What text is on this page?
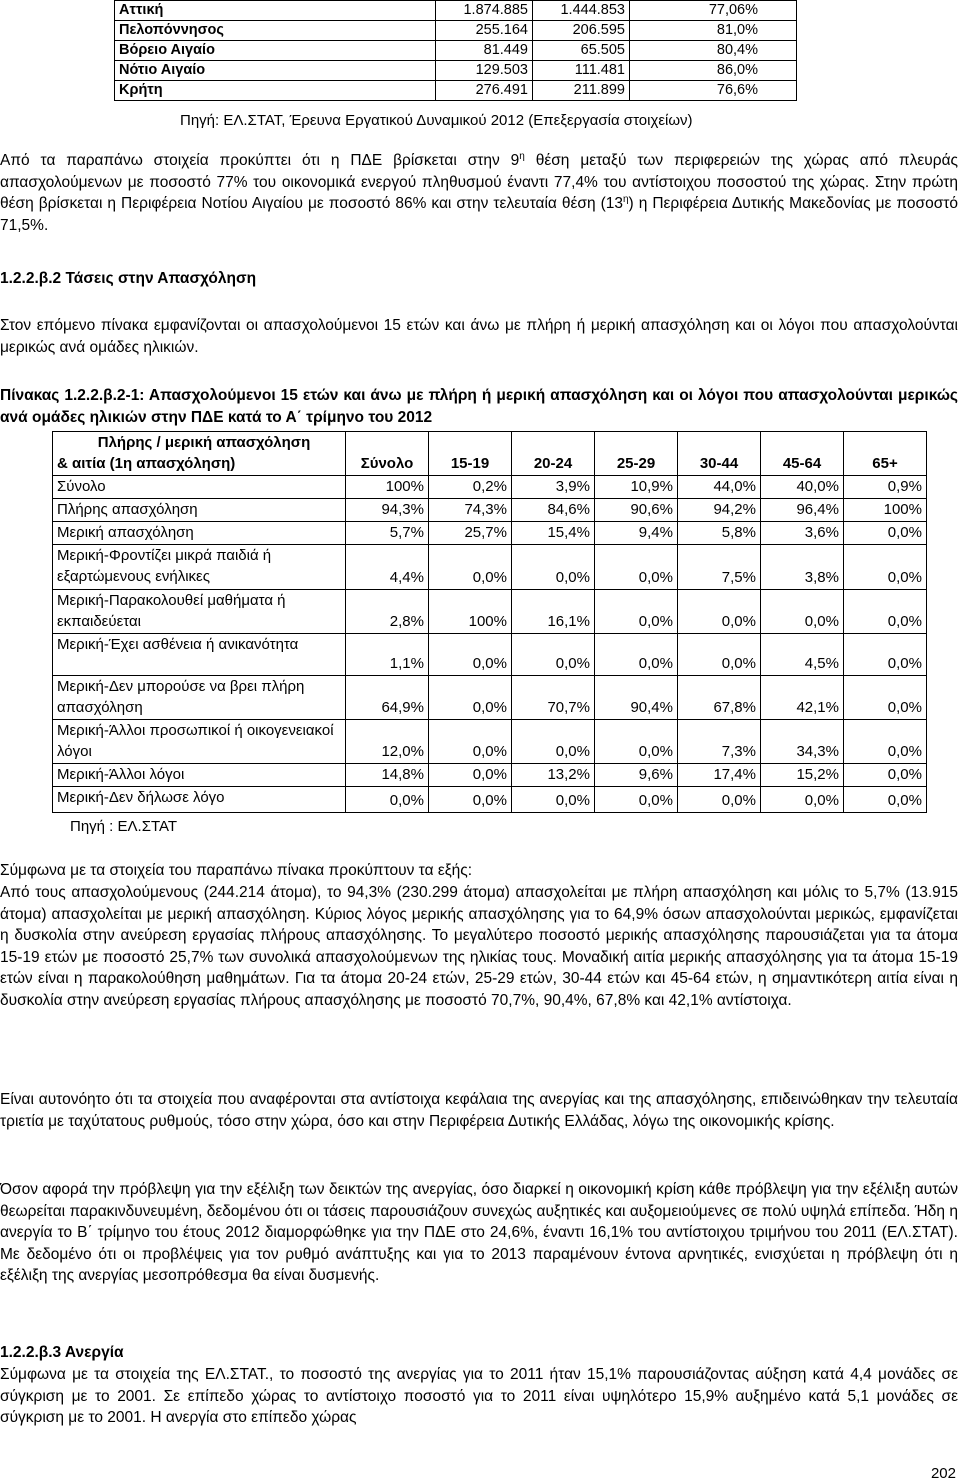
Αττική	1.874.885	1.444.853	77,06%
Πελοπόννησος	255.164	206.595	81,0%
Βόρειο Αιγαίο	81.449	65.505	80,4%
Νότιο Αιγαίο	129.503	111.481	86,0%
Κρήτη	276.491	211.899	76,6%
Πηγή: ΕΛ.ΣΤΑΤ, Έρευνα Εργατικού Δυναμικού 2012 (Επεξεργασία στοιχείων)

Από τα παραπάνω στοιχεία προκύπτει ότι η ΠΔΕ βρίσκεται στην $9^\eta$ θέση μεταξύ των περιφερειών της χώρας από πλευράς απασχολούμενων με ποσοστό 77% του οικονομικά ενεργού πληθυσμού έναντι 77,4% του αντίστοιχου ποσοστού της χώρας. Στην πρώτη θέση βρίσκεται η Περιφέρεια Νοτίου Αιγαίου με ποσοστό 86% και στην τελευταία θέση $(13^\eta)$ η Περιφέρεια Δυτικής Μακεδονίας με ποσοστό 71,5%.

1.2.2.β.2 Τάσεις στην Απασχόληση

Στον επόμενο πίνακα εμφανίζονται οι απασχολούμενοι 15 ετών και άνω με πλήρη ή μερική απασχόληση και οι λόγοι που απασχολούνται μερικώς ανά ομάδες ηλικιών.

Πίνακας 1.2.2.β.2-1: Απασχολούμενοι 15 ετών και άνω με πλήρη ή μερική απασχόληση και οι λόγοι που απασχολούνται μερικώς ανά ομάδες ηλικιών στην ΠΔΕ κατά το Α΄ τρίμηνο του 2012

Πλήρης / μερική απασχόληση
& αιτία (1η απασχόληση)	Σύνολο	15-19	20-24	25-29	30-44	45-64	65+
Σύνολο	100%	0,2%	3,9%	10,9%	44,0%	40,0%	0,9%
Πλήρης απασχόληση	94,3%	74,3%	84,6%	90,6%	94,2%	96,4%	100%
Μερική απασχόληση	5,7%	25,7%	15,4%	9,4%	5,8%	3,6%	0,0%
Μερική-Φροντίζει μικρά παιδιά ή εξαρτώμενους ενήλικες	4,4%	0,0%	0,0%	0,0%	7,5%	3,8%	0,0%
Μερική-Παρακολουθεί μαθήματα ή εκπαιδεύεται	2,8%	100%	16,1%	0,0%	0,0%	0,0%	0,0%
Μερική-Έχει ασθένεια ή ανικανότητα	1,1%	0,0%	0,0%	0,0%	0,0%	4,5%	0,0%
Μερική-Δεν μπορούσε να βρει πλήρη απασχόληση	64,9%	0,0%	70,7%	90,4%	67,8%	42,1%	0,0%
Μερική-Άλλοι προσωπικοί ή οικογενειακοί λόγοι	12,0%	0,0%	0,0%	0,0%	7,3%	34,3%	0,0%
Μερική-Άλλοι λόγοι	14,8%	0,0%	13,2%	9,6%	17,4%	15,2%	0,0%
Μερική-Δεν δήλωσε λόγο	0,0%	0,0%	0,0%	0,0%	0,0%	0,0%	0,0%
Πηγή : ΕΛ.ΣΤΑΤ

Σύμφωνα με τα στοιχεία του παραπάνω πίνακα προκύπτουν τα εξής:

Από τους απασχολούμενους (244.214 άτομα), το 94,3% (230.299 άτομα) απασχολείται με πλήρη απασχόληση και μόλις το 5,7% (13.915 άτομα) απασχολείται με μερική απασχόληση. Κύριος λόγος μερικής απασχόλησης για το 64,9% όσων απασχολούνται μερικώς, εμφανίζεται η δυσκολία στην ανεύρεση εργασίας πλήρους απασχόλησης. Το μεγαλύτερο ποσοστό μερικής απασχόλησης παρουσιάζεται για τα άτομα 15-19 ετών με ποσοστό 25,7% των συνολικά απασχολούμενων της ηλικίας τους. Μοναδική αιτία μερικής απασχόλησης για τα άτομα 15-19 ετών είναι η παρακολούθηση μαθημάτων. Για τα άτομα 20-24 ετών, 25-29 ετών, 30-44 ετών και 45-64 ετών, η σημαντικότερη αιτία είναι η δυσκολία στην ανεύρεση εργασίας πλήρους απασχόλησης με ποσοστό 70,7%, 90,4%, 67,8% και 42,1% αντίστοιχα.

Είναι αυτονόητο ότι τα στοιχεία που αναφέρονται στα αντίστοιχα κεφάλαια της ανεργίας και της απασχόλησης, επιδεινώθηκαν την τελευταία τριετία με ταχύτατους ρυθμούς, τόσο στην χώρα, όσο και στην Περιφέρεια Δυτικής Ελλάδας, λόγω της οικονομικής κρίσης.

Όσον αφορά την πρόβλεψη για την εξέλιξη των δεικτών της ανεργίας, όσο διαρκεί η οικονομική κρίση κάθε πρόβλεψη για την εξέλιξη αυτών θεωρείται παρακινδυνευμένη, δεδομένου ότι οι τάσεις παρουσιάζουν συνεχώς αυξητικές και αυξομειούμενες σε πολύ υψηλά επίπεδα. Ήδη η ανεργία το Β΄ τρίμηνο του έτους 2012 διαμορφώθηκε για την ΠΔΕ στο 24,6%, έναντι 16,1% του αντίστοιχου τριμήνου του 2011 (ΕΛ.ΣΤΑΤ). Με δεδομένο ότι οι προβλέψεις για τον ρυθμό ανάπτυξης και για το 2013 παραμένουν έντονα αρνητικές, ενισχύεται η πρόβλεψη ότι η εξέλιξη της ανεργίας μεσοπρόθεσμα θα είναι δυσμενής.

1.2.2.β.3 Ανεργία

Σύμφωνα με τα στοιχεία της ΕΛ.ΣΤΑΤ., το ποσοστό της ανεργίας για το 2011 ήταν 15,1% παρουσιάζοντας αύξηση κατά 4,4 μονάδες σε σύγκριση με το 2001. Σε επίπεδο χώρας το αντίστοιχο ποσοστό για το 2011 είναι υψηλότερο 15,9% αυξημένο κατά 5,1 μονάδες σε σύγκριση με το 2001. Η ανεργία στο επίπεδο χώρας

202
